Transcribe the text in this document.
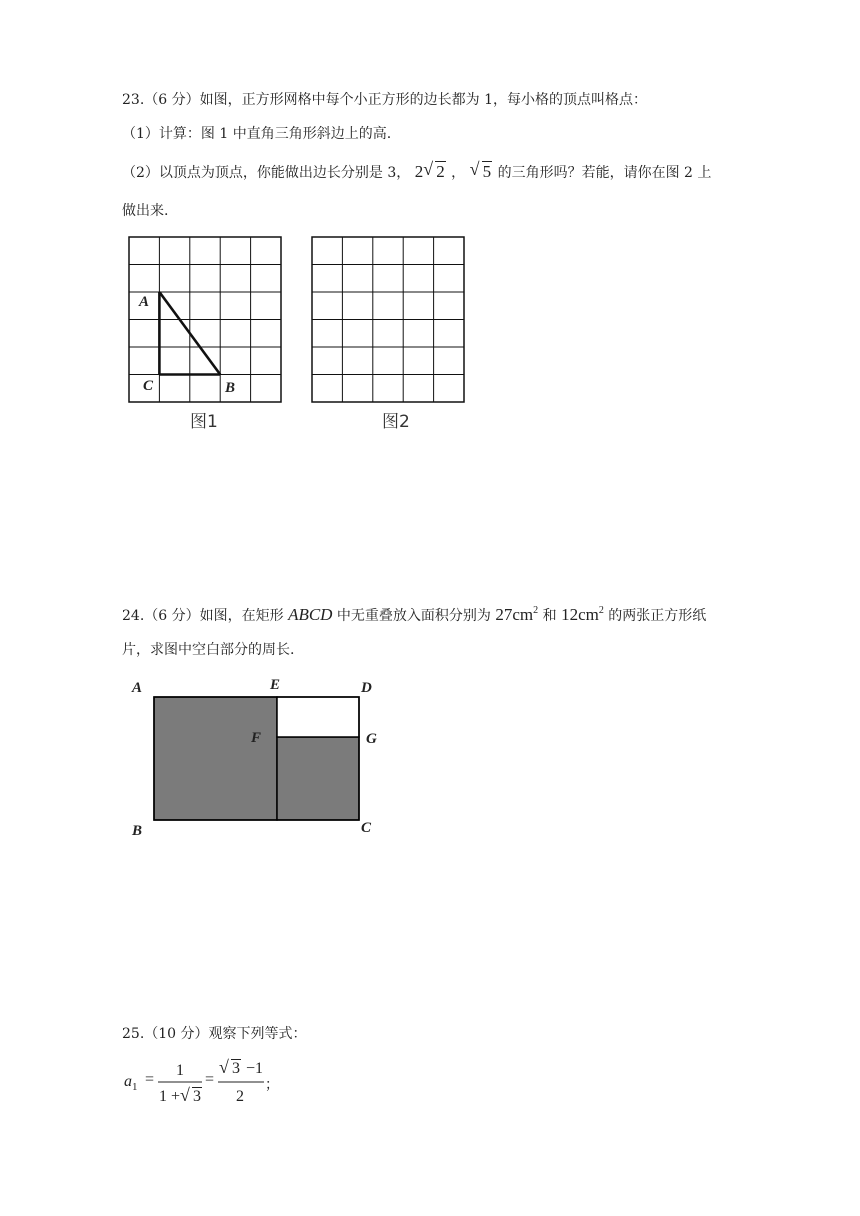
23.（6 分）如图，正方形网格中每个小正方形的边长都为 1，每小格的顶点叫格点：
（1）计算：图 1 中直角三角形斜边上的高.
（2）以顶点为顶点，你能做出边长分别是 3， 2 √ 2 ， √ 5 的三角形吗？若能，请你在图 2 上
做出来.
A
C	B
图1	图2
A	E	D
F	G
B	C
24.（6 分）如图，在矩形 ABCD 中无重叠放入面积分别为 $27cm^2$ 和 $12cm^2$ 的两张正方形纸
片，求图中空白部分的周长.
25.（10 分）观察下列等式：
$a_1$ =
1
1 + √ 3
=
√ 3 −1
2
；
